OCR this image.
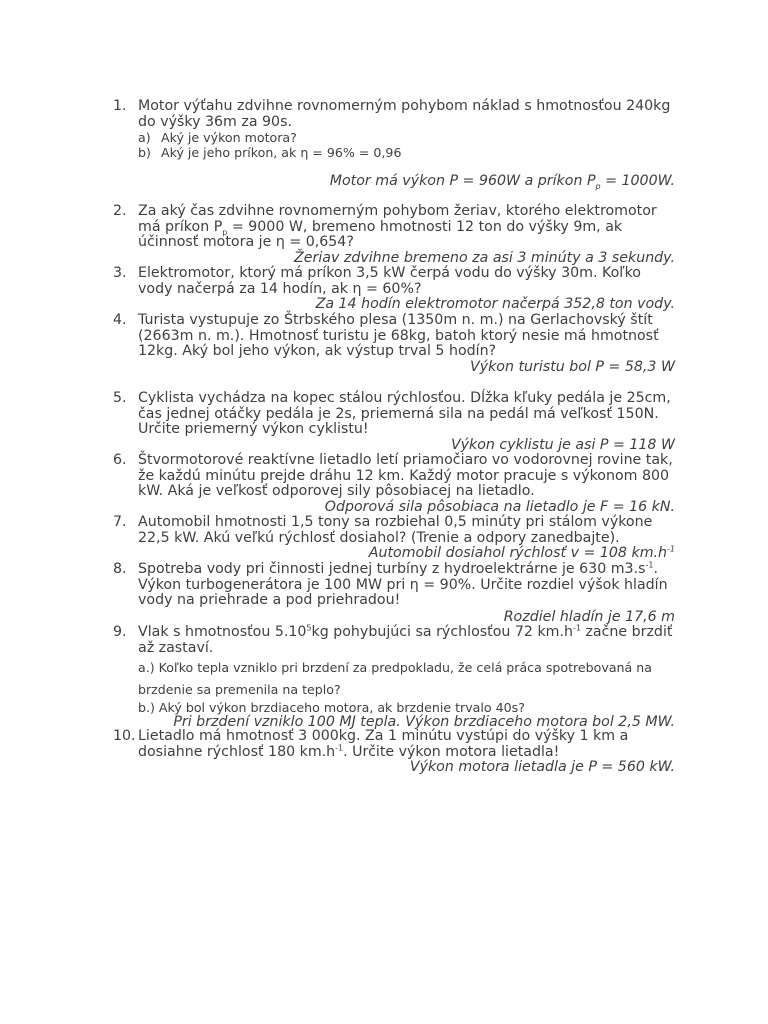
1. Motor výťahu zdvihne rovnomerným pohybom náklad s hmotnosťou 240kg
do výšky 36m za 90s.
a) Aký je výkon motora?
b) Aký je jeho príkon, ak η = 96% = 0,96
Motor má výkon P = 960W a príkon $P_p = 1000W$.
2. Za aký čas zdvihne rovnomerným pohybom žeriav, ktorého elektromotor
má príkon $P_p = 9000$ W, bremeno hmotnosti 12 ton do výšky 9m, ak
účinnosť motora je η = 0,654?
Žeriav zdvihne bremeno za asi 3 minúty a 3 sekundy.
3. Elektromotor, ktorý má príkon 3,5 kW čerpá vodu do výšky 30m. Koľko
vody načerpá za 14 hodín, ak η = 60%?
Za 14 hodín elektromotor načerpá 352,8 ton vody.
4. Turista vystupuje zo Štrbského plesa (1350m n. m.) na Gerlachovský štít
(2663m n. m.). Hmotnosť turistu je 68kg, batoh ktorý nesie má hmotnosť
12kg. Aký bol jeho výkon, ak výstup trval 5 hodín?
Výkon turistu bol P = 58,3 W
5. Cyklista vychádza na kopec stálou rýchlosťou. Dĺžka kľuky pedála je 25cm,
čas jednej otáčky pedála je 2s, priemerná sila na pedál má veľkosť 150N.
Určite priemerný výkon cyklistu!
Výkon cyklistu je asi P = 118 W
6. Štvormotorové reaktívne lietadlo letí priamočiaro vo vodorovnej rovine tak,
že každú minútu prejde dráhu 12 km. Každý motor pracuje s výkonom 800
kW. Aká je veľkosť odporovej sily pôsobiacej na lietadlo.
Odporová sila pôsobiaca na lietadlo je F = 16 kN.
7. Automobil hmotnosti 1,5 tony sa rozbiehal 0,5 minúty pri stálom výkone
22,5 kW. Akú veľkú rýchlosť dosiahol? (Trenie a odpory zanedbajte).
Automobil dosiahol rýchlosť v = 108 $km.h^{-1}$
8. Spotreba vody pri činnosti jednej turbíny z hydroelektrárne je 630 $m3.s^{-1}$.
Výkon turbogenerátora je 100 MW pri η = 90%. Určite rozdiel výšok hladín
vody na priehrade a pod priehradou!
Rozdiel hladín je 17,6 m
9. Vlak s hmotnosťou 5.10$^5$kg pohybujúci sa rýchlosťou 72 $km.h^{-1}$ začne brzdiť
až zastaví.
a.) Koľko tepla vzniklo pri brzdení za predpokladu, že celá práca spotrebovaná na
brzdenie sa premenila na teplo?
b.) Aký bol výkon brzdiaceho motora, ak brzdenie trvalo 40s?
Pri brzdení vzniklo 100 MJ tepla. Výkon brzdiaceho motora bol 2,5 MW.
10. Lietadlo má hmotnosť 3 000kg. Za 1 minútu vystúpi do výšky 1 km a
dosiahne rýchlosť 180 $km.h^{-1}$. Určite výkon motora lietadla!
Výkon motora lietadla je P = 560 kW.
